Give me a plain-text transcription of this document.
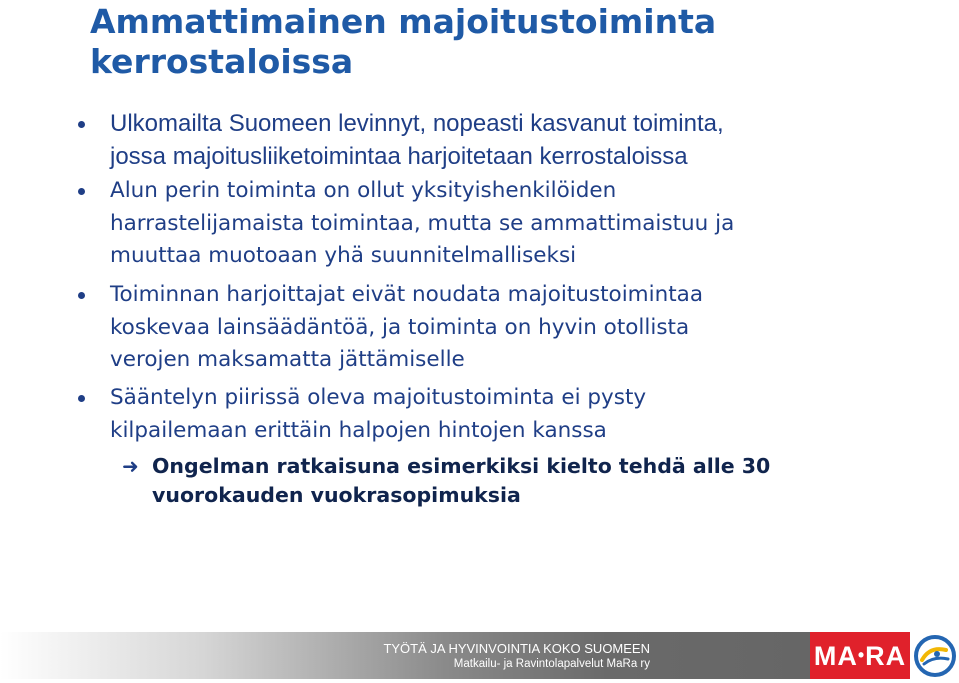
Ammattimainen majoitustoiminta
kerrostaloissa
Ulkomailta Suomeen levinnyt, nopeasti kasvanut toiminta,
jossa majoitusliiketoimintaa harjoitetaan kerrostaloissa
Alun perin toiminta on ollut yksityishenkilöiden
harrastelijamaista toimintaa, mutta se ammattimaistuu ja
muuttaa muotoaan yhä suunnitelmalliseksi
Toiminnan harjoittajat eivät noudata majoitustoimintaa
koskevaa lainsäädäntöä, ja toiminta on hyvin otollista
verojen maksamatta jättämiselle
Sääntelyn piirissä oleva majoitustoiminta ei pysty
kilpailemaan erittäin halpojen hintojen kanssa
➜ Ongelman ratkaisuna esimerkiksi kielto tehdä alle 30
vuorokauden vuokrasopimuksia
TYÖTÄ JA HYVINVOINTIA KOKO SUOMEEN
Matkailu- ja Ravintolapalvelut MaRa ry	MA•RA
